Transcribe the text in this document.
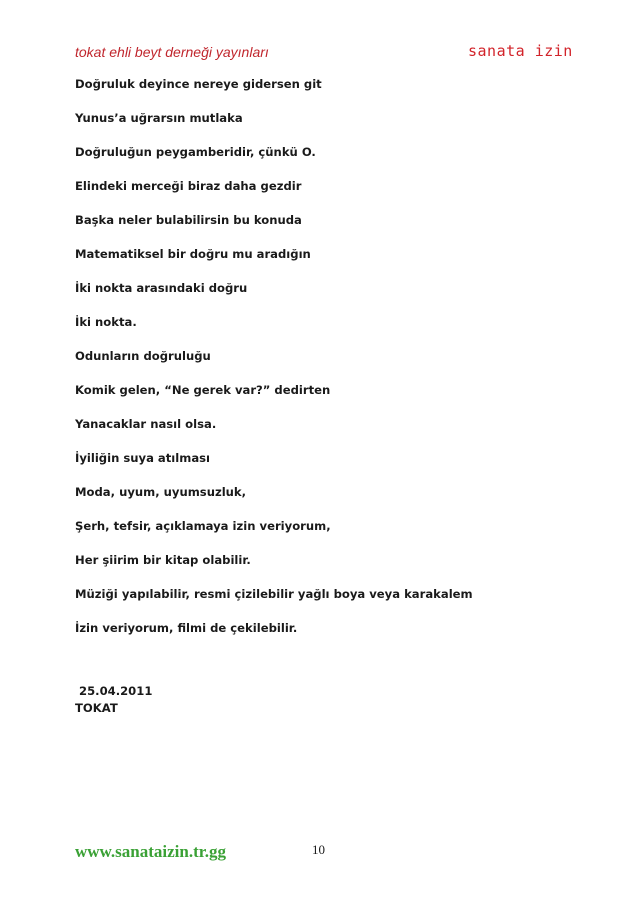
tokat ehli beyt derneği yayınları	sanata izin
Doğruluk deyince nereye gidersen git
Yunus’a uğrarsın mutlaka
Doğruluğun peygamberidir, çünkü O.
Elindeki merceği biraz daha gezdir
Başka neler bulabilirsin bu konuda
Matematiksel bir doğru mu aradığın
İki nokta arasındaki doğru
İki nokta.
Odunların doğruluğu
Komik gelen, “Ne gerek var?” dedirten
Yanacaklar nasıl olsa.
İyiliğin suya atılması
Moda, uyum, uyumsuzluk,
Şerh, tefsir, açıklamaya izin veriyorum,
Her şiirim bir kitap olabilir.
Müziği yapılabilir, resmi çizilebilir yağlı boya veya karakalem
İzin veriyorum, filmi de çekilebilir.
25.04.2011
TOKAT
www.sanataizin.tr.gg	10
